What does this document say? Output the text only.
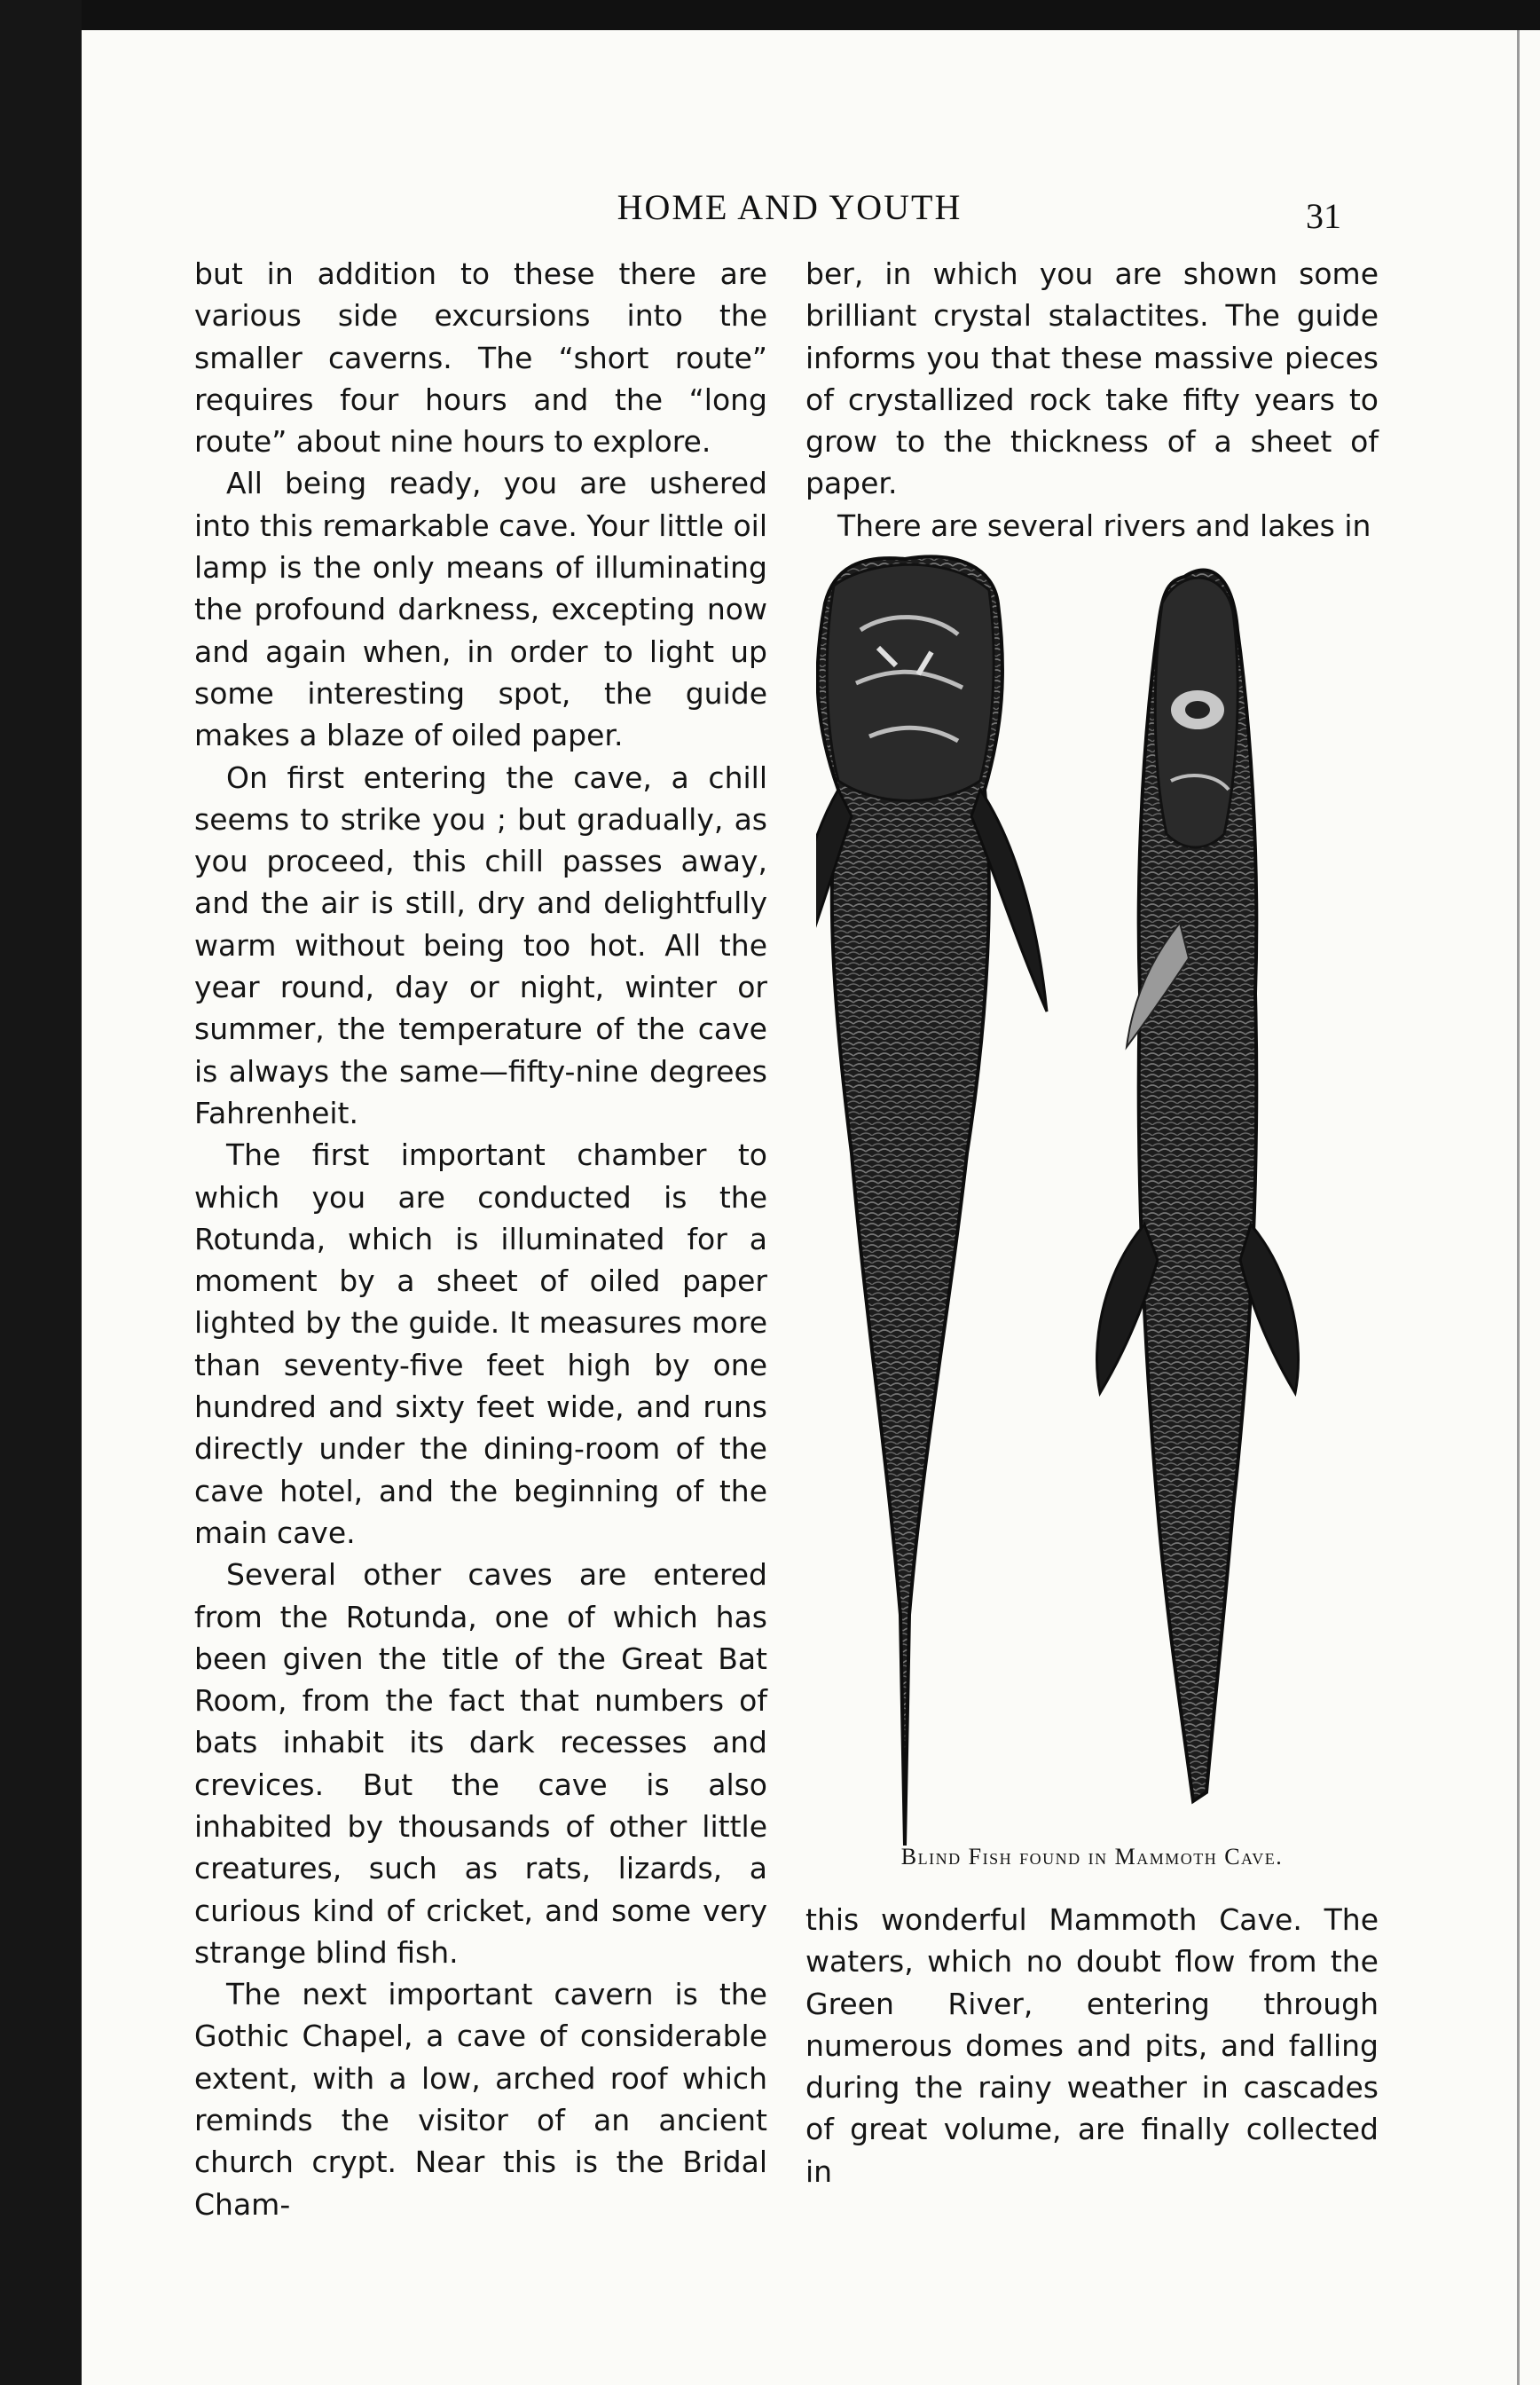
HOME AND YOUTH	31

but in addition to these there are various side excursions into the smaller caverns. The “short route” requires four hours and the “long route” about nine hours to explore.

All being ready, you are ushered into this remarkable cave. Your little oil lamp is the only means of illuminating the profound darkness, excepting now and again when, in order to light up some interesting spot, the guide makes a blaze of oiled paper.

On first entering the cave, a chill seems to strike you ; but gradually, as you proceed, this chill passes away, and the air is still, dry and delightfully warm without being too hot. All the year round, day or night, winter or summer, the temperature of the cave is always the same—fifty-nine degrees Fahrenheit.

The first important chamber to which you are conducted is the Rotunda, which is illuminated for a moment by a sheet of oiled paper lighted by the guide. It measures more than seventy-five feet high by one hundred and sixty feet wide, and runs directly under the dining-room of the cave hotel, and the beginning of the main cave.

Several other caves are entered from the Rotunda, one of which has been given the title of the Great Bat Room, from the fact that numbers of bats inhabit its dark recesses and crevices. But the cave is also inhabited by thousands of other little creatures, such as rats, lizards, a curious kind of cricket, and some very strange blind fish.

The next important cavern is the Gothic Chapel, a cave of considerable extent, with a low, arched roof which reminds the visitor of an ancient church crypt. Near this is the Bridal Cham-

ber, in which you are shown some brilliant crystal stalactites. The guide informs you that these massive pieces of crystallized rock take fifty years to grow to the thickness of a sheet of paper.

There are several rivers and lakes in

Blind Fish found in Mammoth Cave.

this wonderful Mammoth Cave. The waters, which no doubt flow from the Green River, entering through numerous domes and pits, and falling during the rainy weather in cascades of great volume, are finally collected in
